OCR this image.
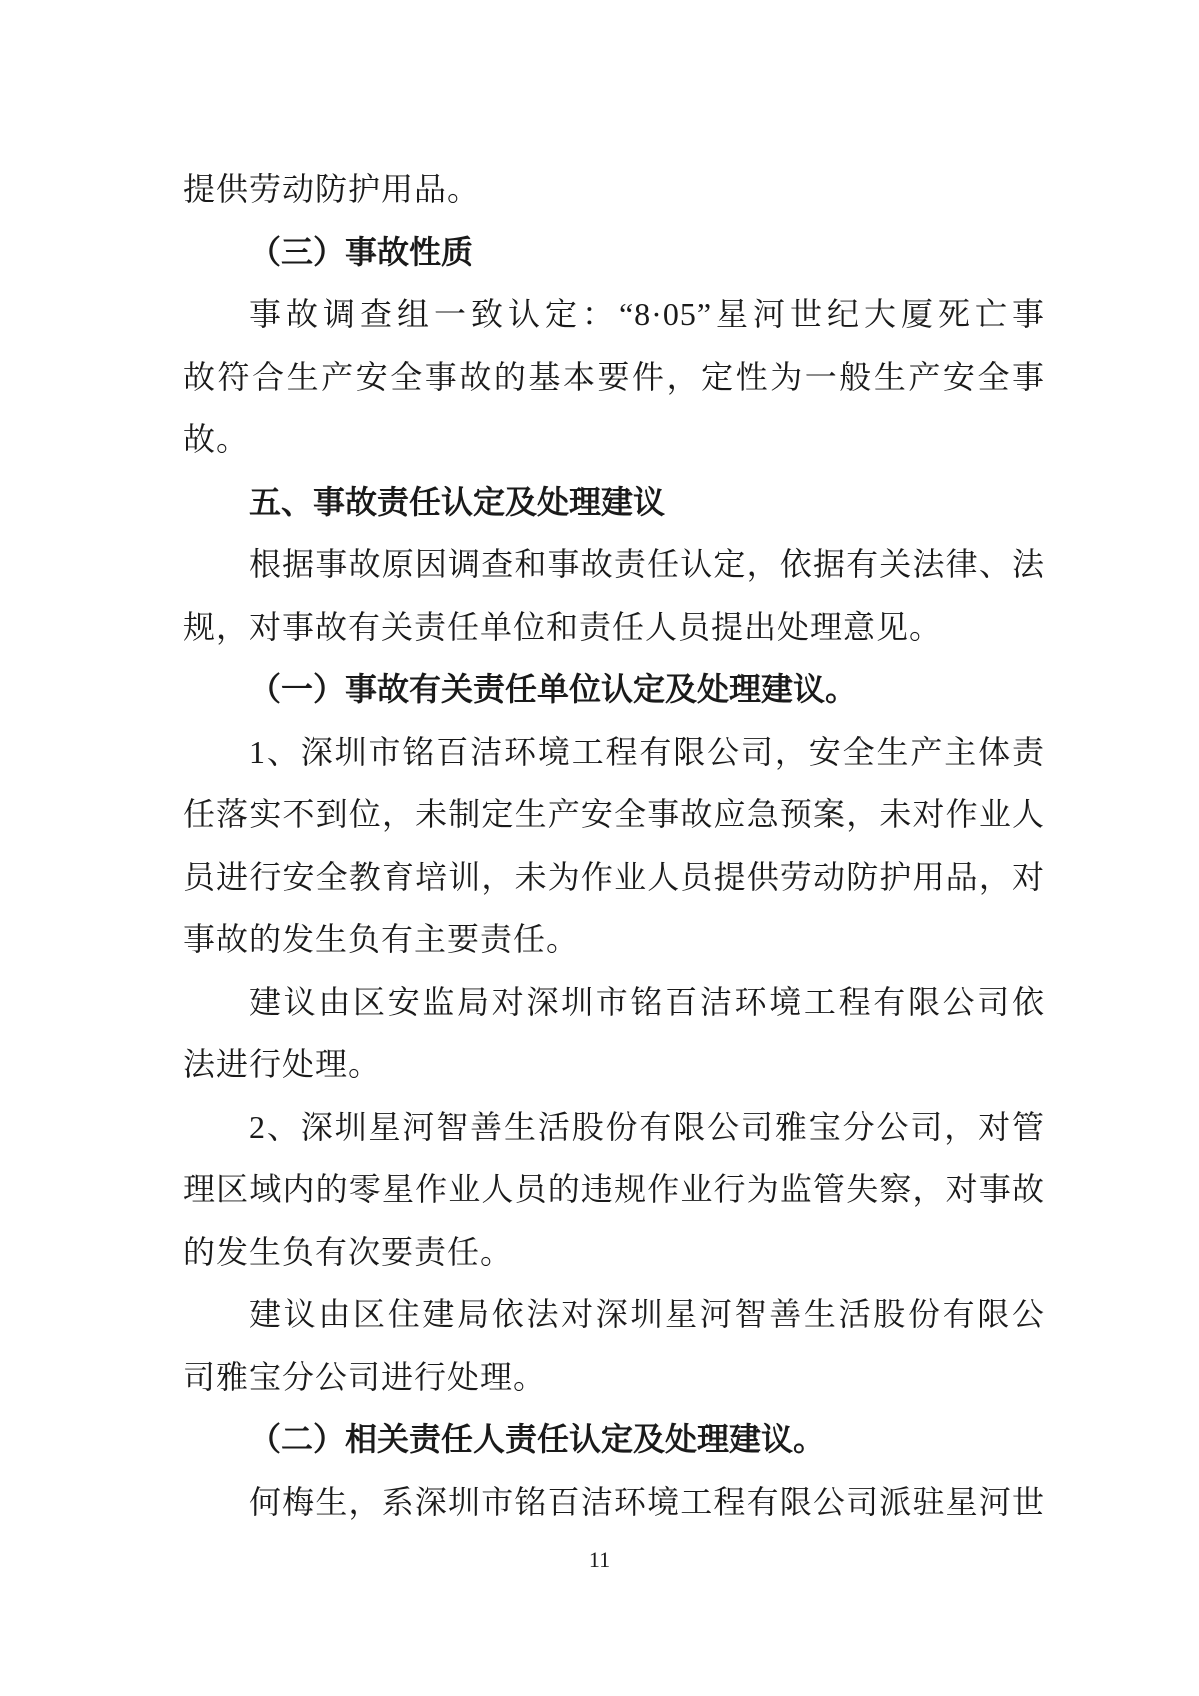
提供劳动防护用品。
（三）事故性质
事故调查组一致认定：“8·05”星河世纪大厦死亡事
故符合生产安全事故的基本要件，定性为一般生产安全事
故。
五、事故责任认定及处理建议
根据事故原因调查和事故责任认定，依据有关法律、法
规，对事故有关责任单位和责任人员提出处理意见。
（一）事故有关责任单位认定及处理建议。
1、深圳市铭百洁环境工程有限公司，安全生产主体责
任落实不到位，未制定生产安全事故应急预案，未对作业人
员进行安全教育培训，未为作业人员提供劳动防护用品，对
事故的发生负有主要责任。
建议由区安监局对深圳市铭百洁环境工程有限公司依
法进行处理。
2、深圳星河智善生活股份有限公司雅宝分公司，对管
理区域内的零星作业人员的违规作业行为监管失察，对事故
的发生负有次要责任。
建议由区住建局依法对深圳星河智善生活股份有限公
司雅宝分公司进行处理。
（二）相关责任人责任认定及处理建议。
何梅生，系深圳市铭百洁环境工程有限公司派驻星河世
11
